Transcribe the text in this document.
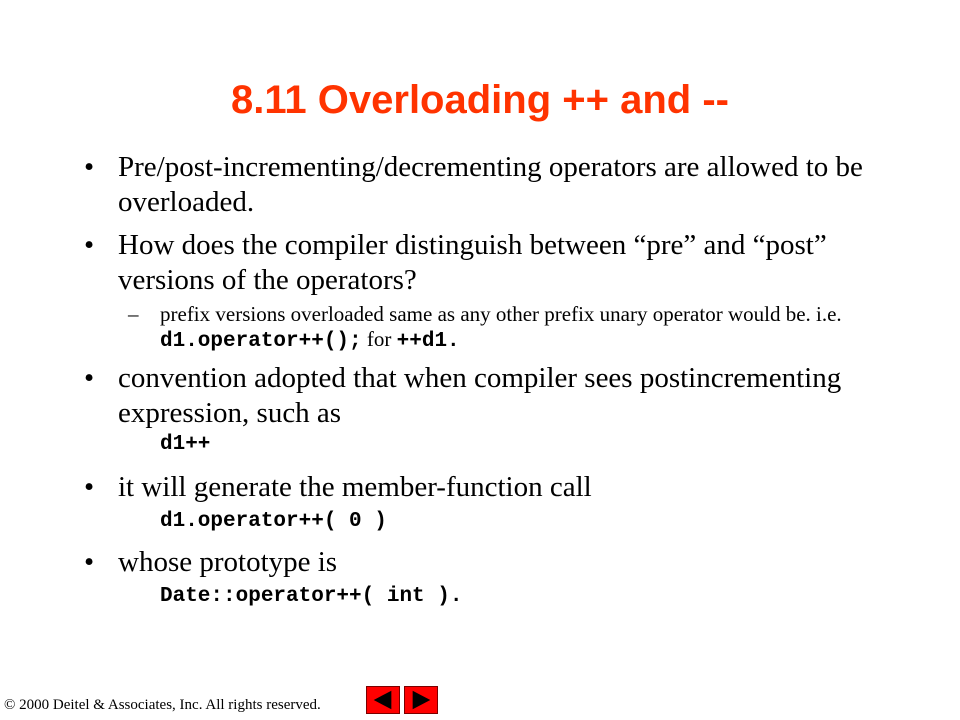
8.11 Overloading ++ and --
• Pre/post-incrementing/decrementing operators are allowed to be overloaded.
• How does the compiler distinguish between “pre” and “post” versions of the operators?
– prefix versions overloaded same as any other prefix unary operator would be. i.e. d1.operator++(); for ++d1.
• convention adopted that when compiler sees postincrementing expression, such as
d1++
• it will generate the member-function call
d1.operator++( 0 )
• whose prototype is
Date::operator++( int ).
© 2000 Deitel & Associates, Inc. All rights reserved.
